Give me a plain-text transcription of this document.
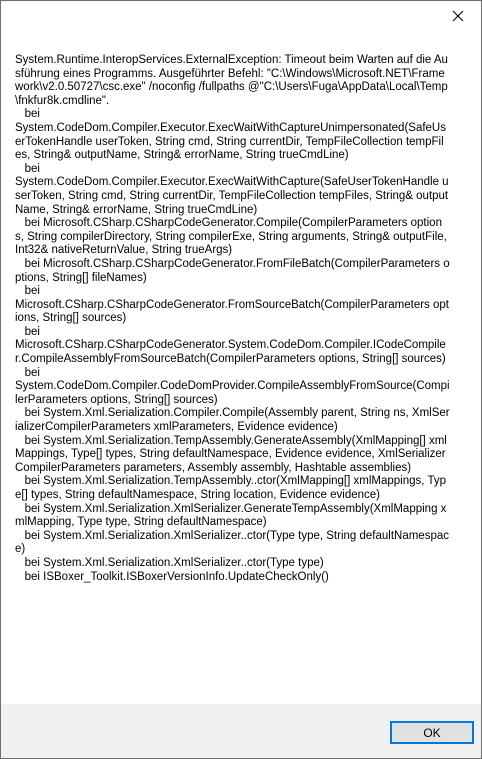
System.Runtime.InteropServices.ExternalException: Timeout beim Warten auf die Ausführung eines Programms. Ausgeführter Befehl: "C:\Windows\Microsoft.NET\Framework\v2.0.50727\csc.exe" /noconfig /fullpaths @"C:\Users\Fuga\AppData\Local\Temp\fnkfur8k.cmdline".
bei
System.CodeDom.Compiler.Executor.ExecWaitWithCaptureUnimpersonated(SafeUserTokenHandle userToken, String cmd, String currentDir, TempFileCollection tempFiles, String& outputName, String& errorName, String trueCmdLine)
bei
System.CodeDom.Compiler.Executor.ExecWaitWithCapture(SafeUserTokenHandle userToken, String cmd, String currentDir, TempFileCollection tempFiles, String& outputName, String& errorName, String trueCmdLine)
bei Microsoft.CSharp.CSharpCodeGenerator.Compile(CompilerParameters options, String compilerDirectory, String compilerExe, String arguments, String& outputFile, Int32& nativeReturnValue, String trueArgs)
bei Microsoft.CSharp.CSharpCodeGenerator.FromFileBatch(CompilerParameters options, String[] fileNames)
bei
Microsoft.CSharp.CSharpCodeGenerator.FromSourceBatch(CompilerParameters options, String[] sources)
bei
Microsoft.CSharp.CSharpCodeGenerator.System.CodeDom.Compiler.ICodeCompiler.CompileAssemblyFromSourceBatch(CompilerParameters options, String[] sources)
bei
System.CodeDom.Compiler.CodeDomProvider.CompileAssemblyFromSource(CompilerParameters options, String[] sources)
bei System.Xml.Serialization.Compiler.Compile(Assembly parent, String ns, XmlSerializerCompilerParameters xmlParameters, Evidence evidence)
bei System.Xml.Serialization.TempAssembly.GenerateAssembly(XmlMapping[] xmlMappings, Type[] types, String defaultNamespace, Evidence evidence, XmlSerializerCompilerParameters parameters, Assembly assembly, Hashtable assemblies)
bei System.Xml.Serialization.TempAssembly..ctor(XmlMapping[] xmlMappings, Type[] types, String defaultNamespace, String location, Evidence evidence)
bei System.Xml.Serialization.XmlSerializer.GenerateTempAssembly(XmlMapping xmlMapping, Type type, String defaultNamespace)
bei System.Xml.Serialization.XmlSerializer..ctor(Type type, String defaultNamespace)
bei System.Xml.Serialization.XmlSerializer..ctor(Type type)
bei ISBoxer_Toolkit.ISBoxerVersionInfo.UpdateCheckOnly()

OK
